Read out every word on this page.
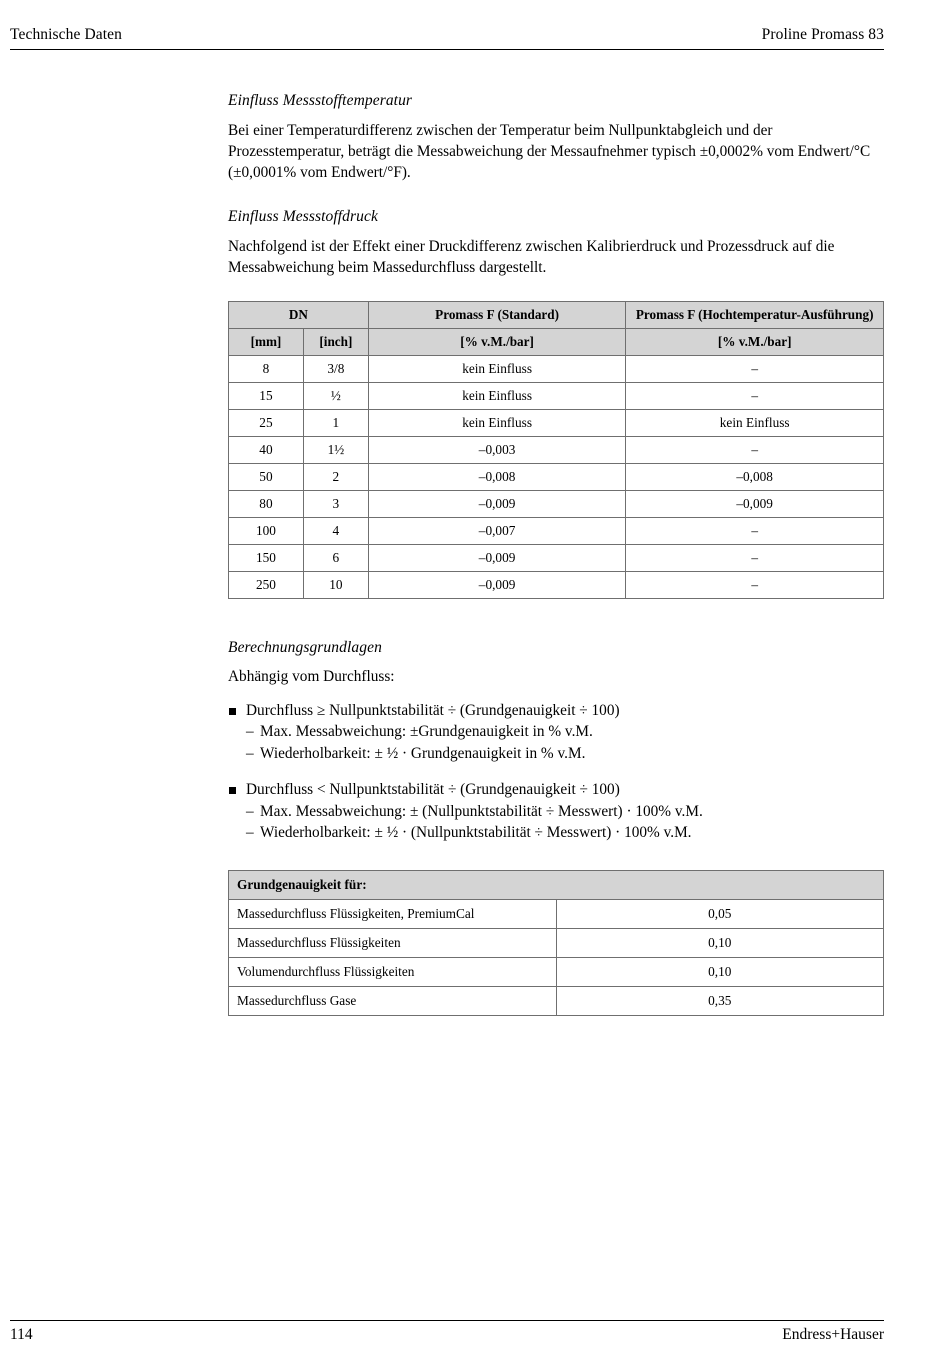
Technische Daten	Proline Promass 83
Einfluss Messstofftemperatur

Bei einer Temperaturdifferenz zwischen der Temperatur beim Nullpunktabgleich und der Prozesstemperatur, beträgt die Messabweichung der Messaufnehmer typisch ±0,0002% vom Endwert/°C (±0,0001% vom Endwert/°F).

Einfluss Messstoffdruck

Nachfolgend ist der Effekt einer Druckdifferenz zwischen Kalibrierdruck und Prozessdruck auf die Messabweichung beim Massedurchfluss dargestellt.

DN		Promass F (Standard)	Promass F (Hochtemperatur-Ausführung)
[mm]	[inch]	[% v.M./bar]	[% v.M./bar]
8	3/8	kein Einfluss	–
15	½	kein Einfluss	–
25	1	kein Einfluss	kein Einfluss
40	1½	–0,003	–
50	2	–0,008	–0,008
80	3	–0,009	–0,009
100	4	–0,007	–
150	6	–0,009	–
250	10	–0,009	–
Berechnungsgrundlagen

Abhängig vom Durchfluss:

Durchfluss ≥ Nullpunktstabilität ÷ (Grundgenauigkeit ÷ 100)
– Max. Messabweichung: ±Grundgenauigkeit in % v.M.
– Wiederholbarkeit: ± ½ · Grundgenauigkeit in % v.M.
Durchfluss < Nullpunktstabilität ÷ (Grundgenauigkeit ÷ 100)
– Max. Messabweichung: ± (Nullpunktstabilität ÷ Messwert) · 100% v.M.
– Wiederholbarkeit: ± ½ · (Nullpunktstabilität ÷ Messwert) · 100% v.M.
Grundgenauigkeit für:	
Massedurchfluss Flüssigkeiten, PremiumCal	0,05
Massedurchfluss Flüssigkeiten	0,10
Volumendurchfluss Flüssigkeiten	0,10
Massedurchfluss Gase	0,35
114	Endress+Hauser
